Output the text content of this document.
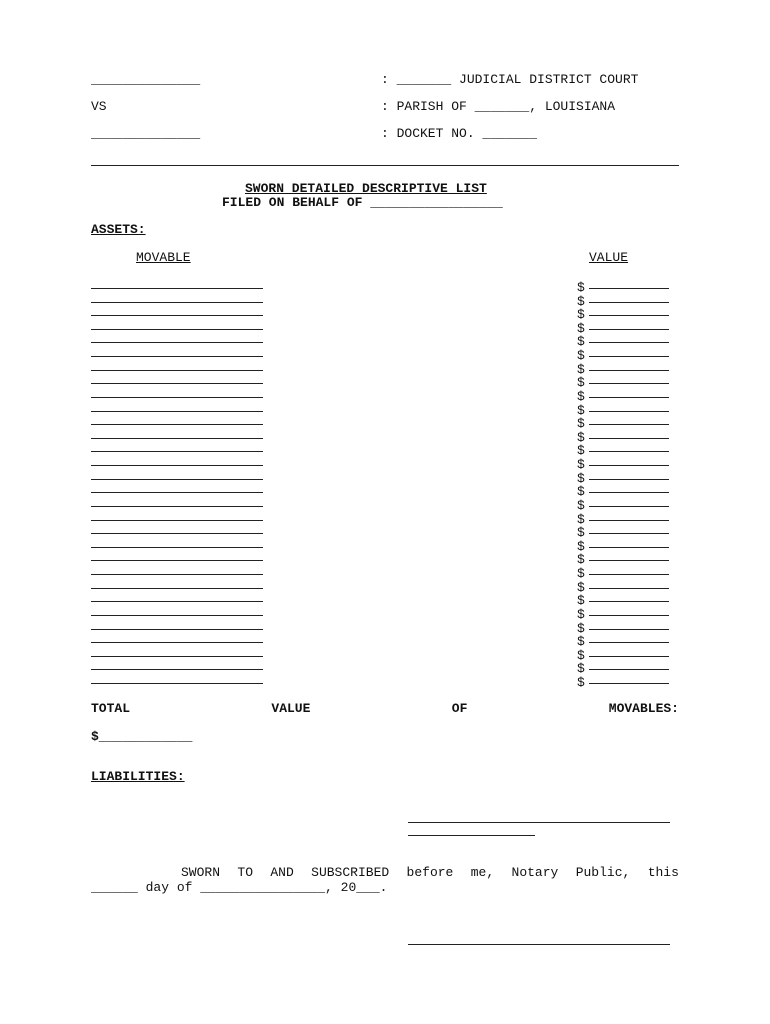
______________
VS
______________
: _______ JUDICIAL DISTRICT COURT
: PARISH OF _______, LOUISIANA
: DOCKET NO. _______
SWORN DETAILED DESCRIPTIVE LIST
FILED ON BEHALF OF _________________
ASSETS:
MOVABLE	VALUE
$
$
$
$
$
$
$
$
$
$
$
$
$
$
$
$
$
$
$
$
$
$
$
$
$
$
$
$
$
$
TOTAL	VALUE	OF	MOVABLES:
$____________
LIABILITIES:
SWORN TO AND SUBSCRIBED before me, Notary Public, this
______ day of ________________, 20___.
